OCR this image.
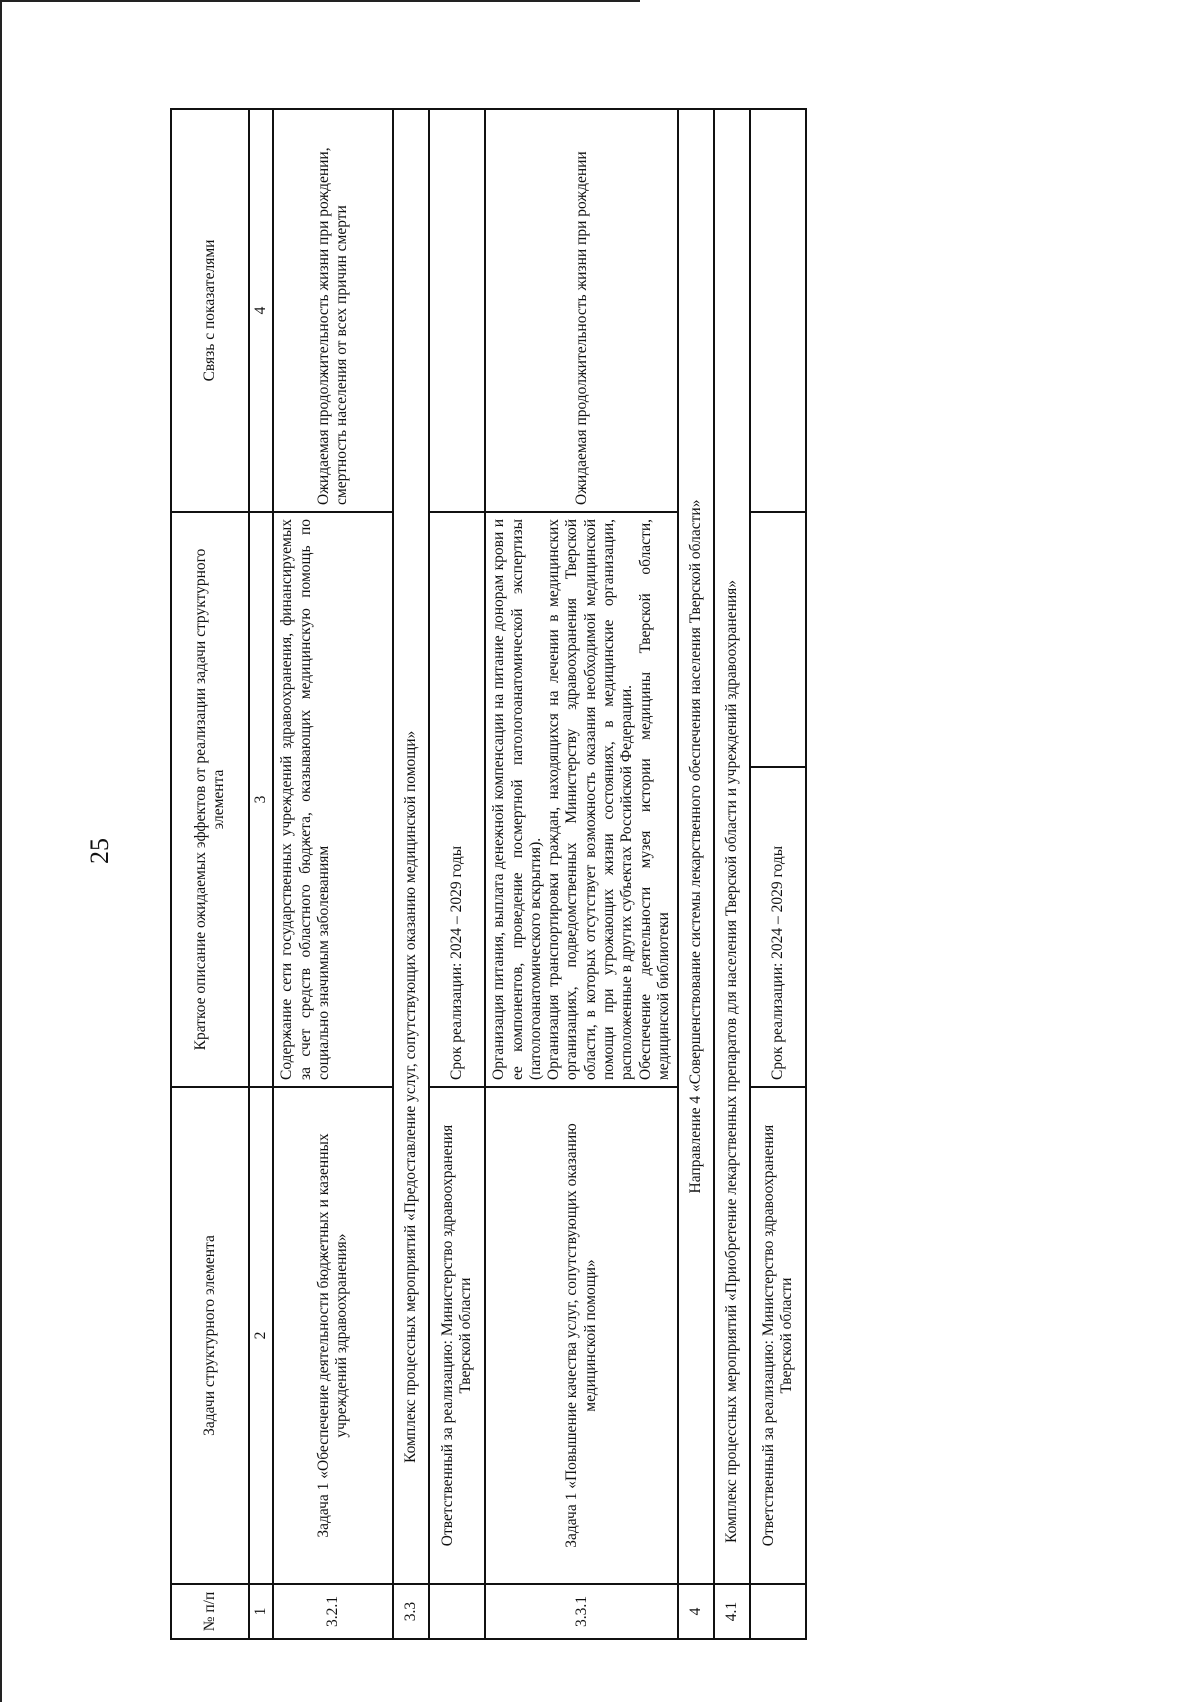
25
№ п/п	Задачи структурного элемента	Краткое описание ожидаемых эффектов от реализации задачи структурного элемента		Связь с показателями
1	2	3		4
3.2.1	Задача 1 «Обеспечение деятельности бюджетных и казенных учреждений здравоохранения»	Содержание сети государственных учреждений здравоохранения, финансируемых за счет средств областного бюджета, оказывающих медицинскую помощь по социально значимым заболеваниям		Ожидаемая продолжительность жизни при рождении, смертность населения от всех причин смерти
3.3	Комплекс процессных мероприятий «Предоставление услуг, сопутствующих оказанию медицинской помощи»			
	Ответственный за реализацию: Министерство здравоохранения Тверской области	Срок реализации: 2024 – 2029 годы		
3.3.1	Задача 1 «Повышение качества услуг, сопутствующих оказанию медицинской помощи»	Организация питания, выплата денежной компенсации на питание донорам крови и ее компонентов, проведение посмертной патологоанатомической экспертизы (патологоанатомического вскрытия). Организация транспортировки граждан, находящихся на лечении в медицинских организациях, подведомственных Министерству здравоохранения Тверской области, в которых отсутствует возможность оказания необходимой медицинской помощи при угрожающих жизни состояниях, в медицинские организации, расположенные в других субъектах Российской Федерации. Обеспечение деятельности музея истории медицины Тверской области, медицинской библиотеки		Ожидаемая продолжительность жизни при рождении
4	Направление 4 «Совершенствование системы лекарственного обеспечения населения Тверской области»			
4.1	Комплекс процессных мероприятий «Приобретение лекарственных препаратов для населения Тверской области и учреждений здравоохранения»			
	Ответственный за реализацию: Министерство здравоохранения Тверской области	Срок реализации: 2024 – 2029 годы		
